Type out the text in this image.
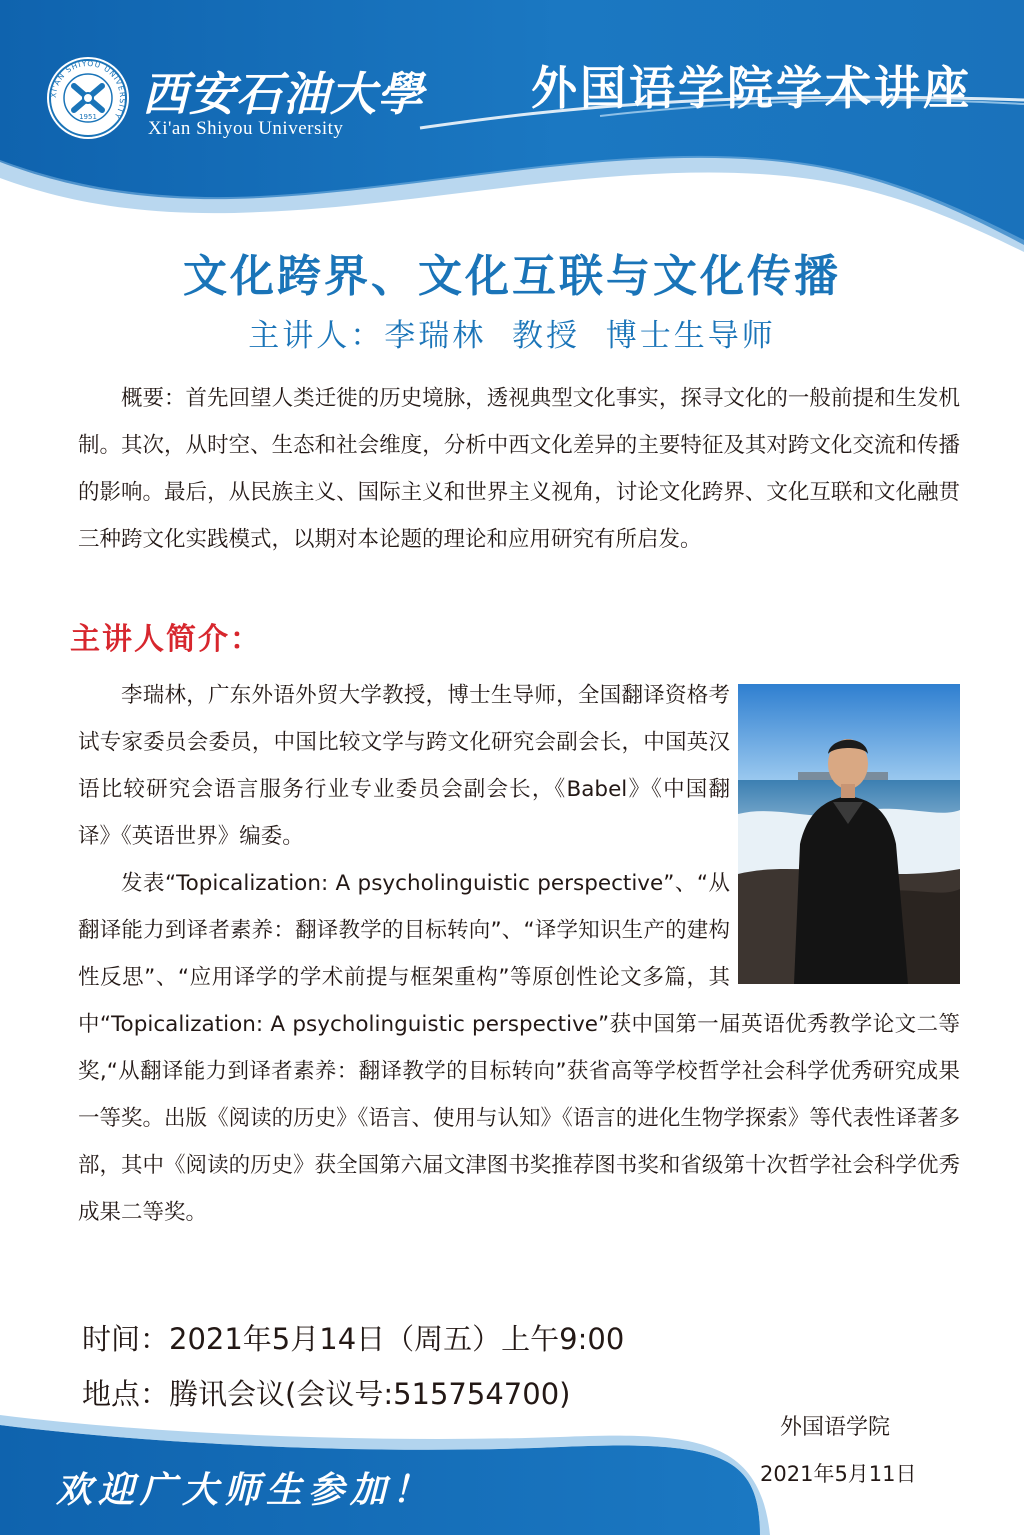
XI'AN SHIYOU UNIVERSITY
1951 西安石油大學
Xi'an Shiyou University
外国语学院学术讲座
文化跨界、文化互联与文化传播
主讲人：李瑞林  教授  博士生导师

概要：首先回望人类迁徙的历史境脉，透视典型文化事实，探寻文化的一般前提和生发机制。其次，从时空、生态和社会维度，分析中西文化差异的主要特征及其对跨文化交流和传播的影响。最后，从民族主义、国际主义和世界主义视角，讨论文化跨界、文化互联和文化融贯三种跨文化实践模式，以期对本论题的理论和应用研究有所启发。

主讲人简介：

李瑞林，广东外语外贸大学教授，博士生导师，全国翻译资格考试专家委员会委员，中国比较文学与跨文化研究会副会长，中国英汉语比较研究会语言服务行业专业委员会副会长，《Babel》《中国翻译》《英语世界》编委。

发表“Topicalization: A psycholinguistic perspective”、“从翻译能力到译者素养：翻译教学的目标转向”、“译学知识生产的建构性反思”、“应用译学的学术前提与框架重构”等原创性论文多篇，其中“Topicalization: A psycholinguistic perspective”获中国第一届英语优秀教学论文二等奖,“从翻译能力到译者素养：翻译教学的目标转向”获省高等学校哲学社会科学优秀研究成果一等奖。出版《阅读的历史》《语言、使用与认知》《语言的进化生物学探索》等代表性译著多部，其中《阅读的历史》获全国第六届文津图书奖推荐图书奖和省级第十次哲学社会科学优秀成果二等奖。

时间：2021年5月14日（周五）上午9:00
地点：腾讯会议(会议号:515754700)
外国语学院
2021年5月11日
欢迎广大师生参加！
